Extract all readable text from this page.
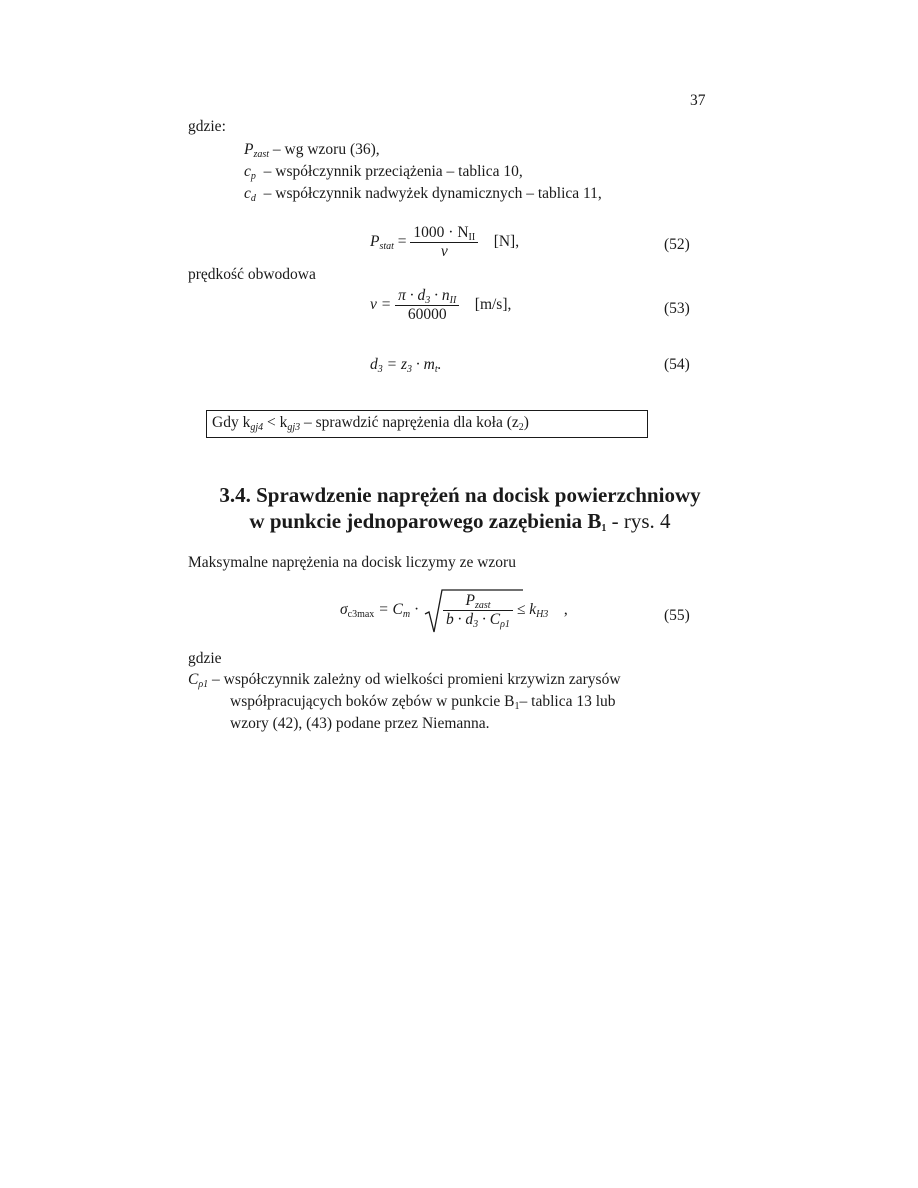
37
gdzie:
$P_{zast}$ – wg wzoru (36),
$c_p$ – współczynnik przeciążenia – tablica 10,
$c_d$ – współczynnik nadwyżek dynamicznych – tablica 11,
$P_{stat} = \frac{1000 \cdot N_{II}}{v} [N]$,	(52)
prędkość obwodowa
$v = \frac{\pi \cdot d_3 \cdot n_{II}}{60000} [m/s]$,	(53)
$d_3 = z_3 \cdot m_t$.	(54)
Gdy $k_{gj4} < k_{gj3}$ – sprawdzić naprężenia dla koła $(z_2)$
3.4. Sprawdzenie naprężeń na docisk powierzchniowy
w punkcie jednoparowego zazębienia $B_1$ - rys. 4
Maksymalne naprężenia na docisk liczymy ze wzoru
$\sigma_{c3max} = C_m \cdot \frac{P_{zast}}{b \cdot d_3 \cdot C_{\rho 1}} \le k_{H3}$ ,	(55)
gdzie
$C_{\rho 1}$ – współczynnik zależny od wielkości promieni krzywizn zarysów
współpracujących boków zębów w punkcie $B_1-$ tablica 13 lub
wzory (42), (43) podane przez Niemanna.
